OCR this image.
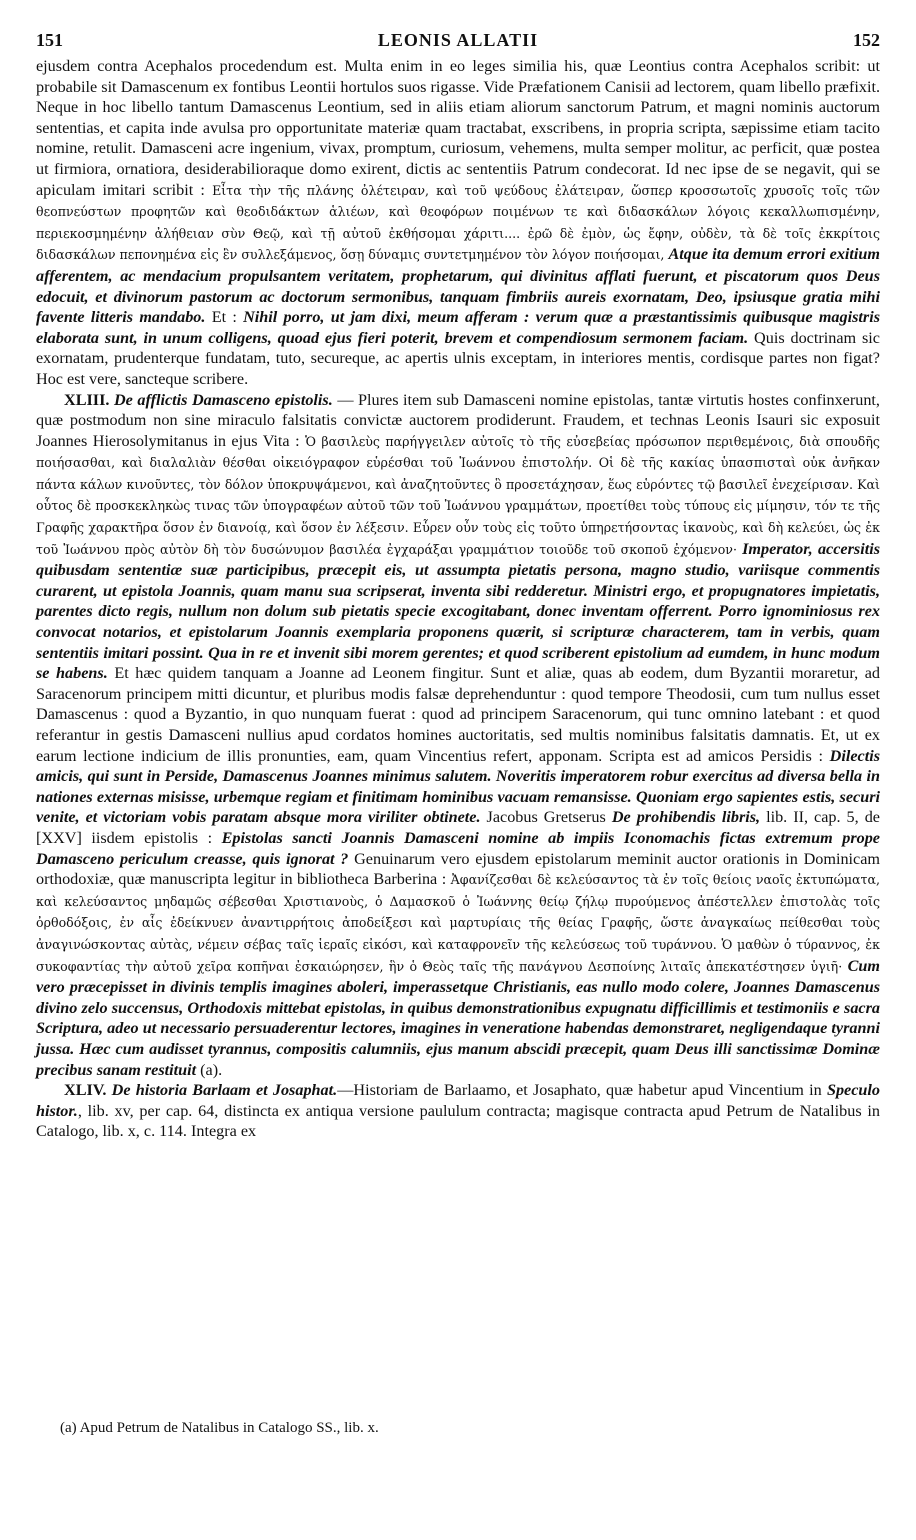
151	LEONIS ALLATII	152

ejusdem contra Acephalos procedendum est. Multa enim in eo leges similia his, quæ Leontius contra Acephalos scribit: ut probabile sit Damascenum ex fontibus Leontii hortulos suos rigasse. Vide Præfationem Canisii ad lectorem, quam libello præfixit. Neque in hoc libello tantum Damascenus Leontium, sed in aliis etiam aliorum sanctorum Patrum, et magni nominis auctorum sententias, et capita inde avulsa pro opportunitate materiæ quam tractabat, exscribens, in propria scripta, sæpissime etiam tacito nomine, retulit. Damasceni acre ingenium, vivax, promptum, curiosum, vehemens, multa semper molitur, ac perficit, quæ postea ut firmiora, ornatiora, desiderabilioraque domo exirent, dictis ac sententiis Patrum condecorat. Id nec ipse de se negavit, qui se apiculam imitari scribit : Εἶτα τὴν τῆς πλάνης ὀλέτειραν, καὶ τοῦ ψεύδους ἐλάτειραν, ὥσπερ κροσσωτοῖς χρυσοῖς τοῖς τῶν θεοπνεύστων προφητῶν καὶ θεοδιδάκτων ἁλιέων, καὶ θεοφόρων ποιμένων τε καὶ διδασκάλων λόγοις κεκαλλωπισμένην, περιεκοσμημένην ἀλήθειαν σὺν Θεῷ, καὶ τῇ αὐτοῦ ἐκθήσομαι χάριτι.... ἐρῶ δὲ ἐμὸν, ὡς ἔφην, οὐδὲν, τὰ δὲ τοῖς ἐκκρίτοις διδασκάλων πεπονημένα εἰς ἓν συλλεξάμενος, ὅσῃ δύναμις συντετμημένον τὸν λόγον ποιήσομαι, Atque ita demum errori exitium afferentem, ac mendacium propulsantem veritatem, prophetarum, qui divinitus afflati fuerunt, et piscatorum quos Deus edocuit, et divinorum pastorum ac doctorum sermonibus, tanquam fimbriis aureis exornatam, Deo, ipsiusque gratia mihi favente litteris mandabo. Et : Nihil porro, ut jam dixi, meum afferam : verum quæ a præstantissimis quibusque magistris elaborata sunt, in unum colligens, quoad ejus fieri poterit, brevem et compendiosum sermonem faciam. Quis doctrinam sic exornatam, prudenterque fundatam, tuto, secureque, ac apertis ulnis exceptam, in interiores mentis, cordisque partes non figat? Hoc est vere, sancteque scribere.

XLIII. De afflictis Damasceno epistolis. — Plures item sub Damasceni nomine epistolas, tantæ virtutis hostes confinxerunt, quæ postmodum non sine miraculo falsitatis convictæ auctorem prodiderunt. Fraudem, et technas Leonis Isauri sic exposuit Joannes Hierosolymitanus in ejus Vita : Ὁ βασιλεὺς παρήγγειλεν αὐτοῖς τὸ τῆς εὐσεβείας πρόσωπον περιθεμένοις, διὰ σπουδῆς ποιήσασθαι, καὶ διαλαλιὰν θέσθαι οἰκειόγραφον εὑρέσθαι τοῦ Ἰωάννου ἐπιστολήν. Οἱ δὲ τῆς κακίας ὑπασπισταὶ οὐκ ἀνῆκαν πάντα κάλων κινοῦντες, τὸν δόλον ὑποκρυψάμενοι, καὶ ἀναζητοῦντες ὃ προσετάχησαν, ἕως εὑρόντες τῷ βασιλεῖ ἐνεχείρισαν. Καὶ οὗτος δὲ προσκεκληκὼς τινας τῶν ὑπογραφέων αὐτοῦ τῶν τοῦ Ἰωάννου γραμμάτων, προετίθει τοὺς τύπους εἰς μίμησιν, τόν τε τῆς Γραφῆς χαρακτῆρα ὅσον ἐν διανοίᾳ, καὶ ὅσον ἐν λέξεσιν. Εὗρεν οὖν τοὺς εἰς τοῦτο ὑπηρετήσοντας ἱκανοὺς, καὶ δὴ κελεύει, ὡς ἐκ τοῦ Ἰωάννου πρὸς αὐτὸν δὴ τὸν δυσώνυμον βασιλέα ἐγχαράξαι γραμμάτιον τοιοῦδε τοῦ σκοποῦ ἐχόμενον· Imperator, accersitis quibusdam sententiæ suæ participibus, præcepit eis, ut assumpta pietatis persona, magno studio, variisque commentis curarent, ut epistola Joannis, quam manu sua scripserat, inventa sibi redderetur. Ministri ergo, et propugnatores impietatis, parentes dicto regis, nullum non dolum sub pietatis specie excogitabant, donec inventam offerrent. Porro ignominiosus rex convocat notarios, et epistolarum Joannis exemplaria proponens quærit, si scripturæ characterem, tam in verbis, quam sententiis imitari possint. Qua in re et invenit sibi morem gerentes; et quod scriberent epistolium ad eumdem, in hunc modum se habens. Et hæc quidem tanquam a Joanne ad Leonem fingitur. Sunt et aliæ, quas ab eodem, dum Byzantii moraretur, ad Saracenorum principem mitti dicuntur, et pluribus modis falsæ deprehenduntur : quod tempore Theodosii, cum tum nullus esset Damascenus : quod a Byzantio, in quo nunquam fuerat : quod ad principem Saracenorum, qui tunc omnino latebant : et quod referantur in gestis Damasceni nullius apud cordatos homines auctoritatis, sed multis nominibus falsitatis damnatis. Et, ut ex earum lectione indicium de illis pronunties, eam, quam Vincentius refert, apponam. Scripta est ad amicos Persidis : Dilectis amicis, qui sunt in Perside, Damascenus Joannes minimus salutem. Noveritis imperatorem robur exercitus ad diversa bella in nationes externas misisse, urbemque regiam et finitimam hominibus vacuam remansisse. Quoniam ergo sapientes estis, securi venite, et victoriam vobis paratam absque mora viriliter obtinete. Jacobus Gretserus De prohibendis libris, lib. II, cap. 5, de [XXV] iisdem epistolis : Epistolas sancti Joannis Damasceni nomine ab impiis Iconomachis fictas extremum prope Damasceno periculum creasse, quis ignorat ? Genuinarum vero ejusdem epistolarum meminit auctor orationis in Dominicam orthodoxiæ, quæ manuscripta legitur in bibliotheca Barberina : Ἀφανίζεσθαι δὲ κελεύσαντος τὰ ἐν τοῖς θείοις ναοῖς ἐκτυπώματα, καὶ κελεύσαντος μηδαμῶς σέβεσθαι Χριστιανοὺς, ὁ Δαμασκοῦ ὁ Ἰωάννης θείῳ ζήλῳ πυρούμενος ἀπέστελλεν ἐπιστολὰς τοῖς ὀρθοδόξοις, ἐν αἷς ἐδείκνυεν ἀναντιρρήτοις ἀποδείξεσι καὶ μαρτυρίαις τῆς θείας Γραφῆς, ὥστε ἀναγκαίως πείθεσθαι τοὺς ἀναγινώσκοντας αὐτὰς, νέμειν σέβας ταῖς ἱεραῖς εἰκόσι, καὶ καταφρονεῖν τῆς κελεύσεως τοῦ τυράννου. Ὁ μαθὼν ὁ τύραννος, ἐκ συκοφαντίας τὴν αὐτοῦ χεῖρα κοπῆναι ἐσκαιώρησεν, ἣν ὁ Θεὸς ταῖς τῆς πανάγνου Δεσποίνης λιταῖς ἀπεκατέστησεν ὑγιῆ· Cum vero præcepisset in divinis templis imagines aboleri, imperassetque Christianis, eas nullo modo colere, Joannes Damascenus divino zelo succensus, Orthodoxis mittebat epistolas, in quibus demonstrationibus expugnatu difficillimis et testimoniis e sacra Scriptura, adeo ut necessario persuaderentur lectores, imagines in veneratione habendas demonstraret, negligendaque tyranni jussa. Hæc cum audisset tyrannus, compositis calumniis, ejus manum abscidi præcepit, quam Deus illi sanctissimæ Dominæ precibus sanam restituit (a).

XLIV. De historia Barlaam et Josaphat.—Historiam de Barlaamo, et Josaphato, quæ habetur apud Vincentium in Speculo histor., lib. xv, per cap. 64, distincta ex antiqua versione paululum contracta; magisque contracta apud Petrum de Natalibus in Catalogo, lib. x, c. 114. Integra ex

(a) Apud Petrum de Natalibus in Catalogo SS., lib. x.
